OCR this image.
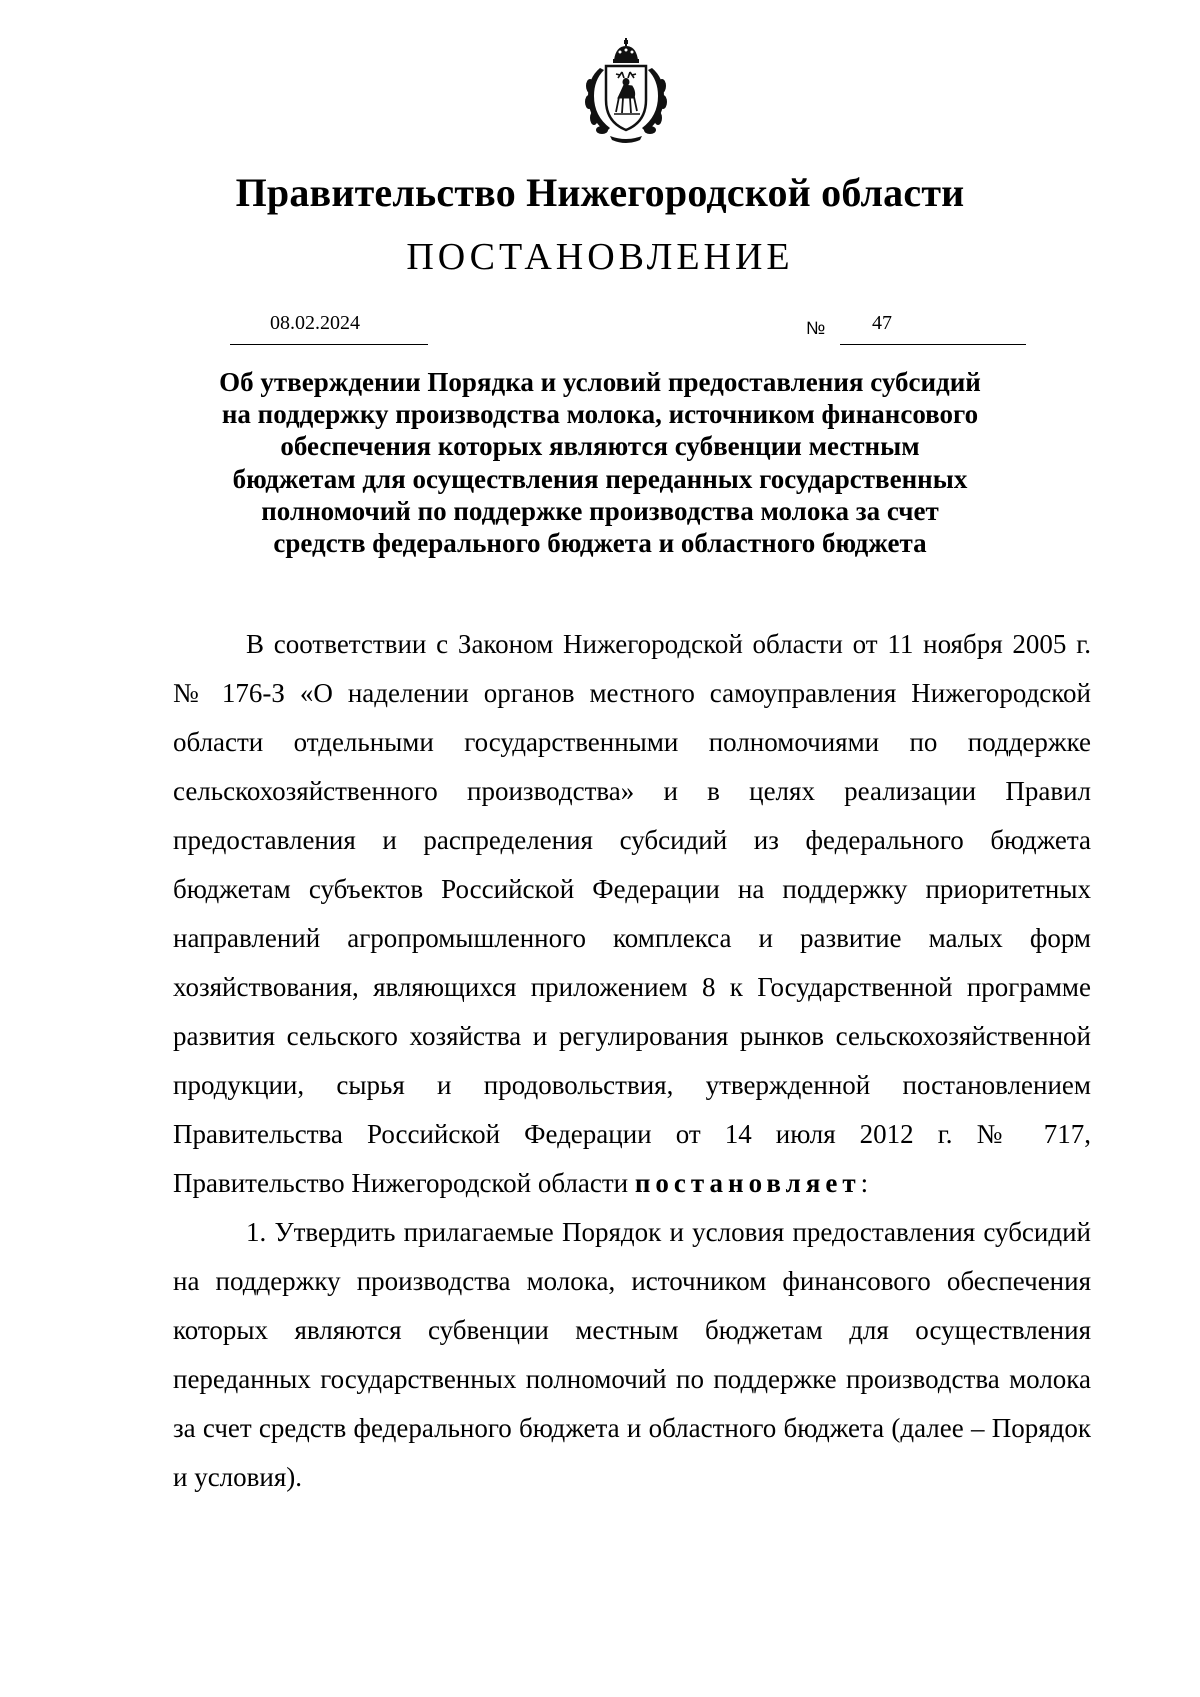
Правительство Нижегородской области
ПОСТАНОВЛЕНИЕ
08.02.2024	№ 47
Об утверждении Порядка и условий предоставления субсидий
на поддержку производства молока, источником финансового
обеспечения которых являются субвенции местным
бюджетам для осуществления переданных государственных
полномочий по поддержке производства молока за счет
средств федерального бюджета и областного бюджета

В соответствии с Законом Нижегородской области от 11 ноября 2005 г. № 176-З «О наделении органов местного самоуправления Нижегородской области отдельными государственными полномочиями по поддержке сельскохозяйственного производства» и в целях реализации Правил предоставления и распределения субсидий из федерального бюджета бюджетам субъектов Российской Федерации на поддержку приоритетных направлений агропромышленного комплекса и развитие малых форм хозяйствования, являющихся приложением 8 к Государственной программе развития сельского хозяйства и регулирования рынков сельскохозяйственной продукции, сырья и продовольствия, утвержденной постановлением Правительства Российской Федерации от 14 июля 2012 г. № 717, Правительство Нижегородской области постановляет:

1. Утвердить прилагаемые Порядок и условия предоставления субсидий на поддержку производства молока, источником финансового обеспечения которых являются субвенции местным бюджетам для осуществления переданных государственных полномочий по поддержке производства молока за счет средств федерального бюджета и областного бюджета (далее – Порядок и условия).
